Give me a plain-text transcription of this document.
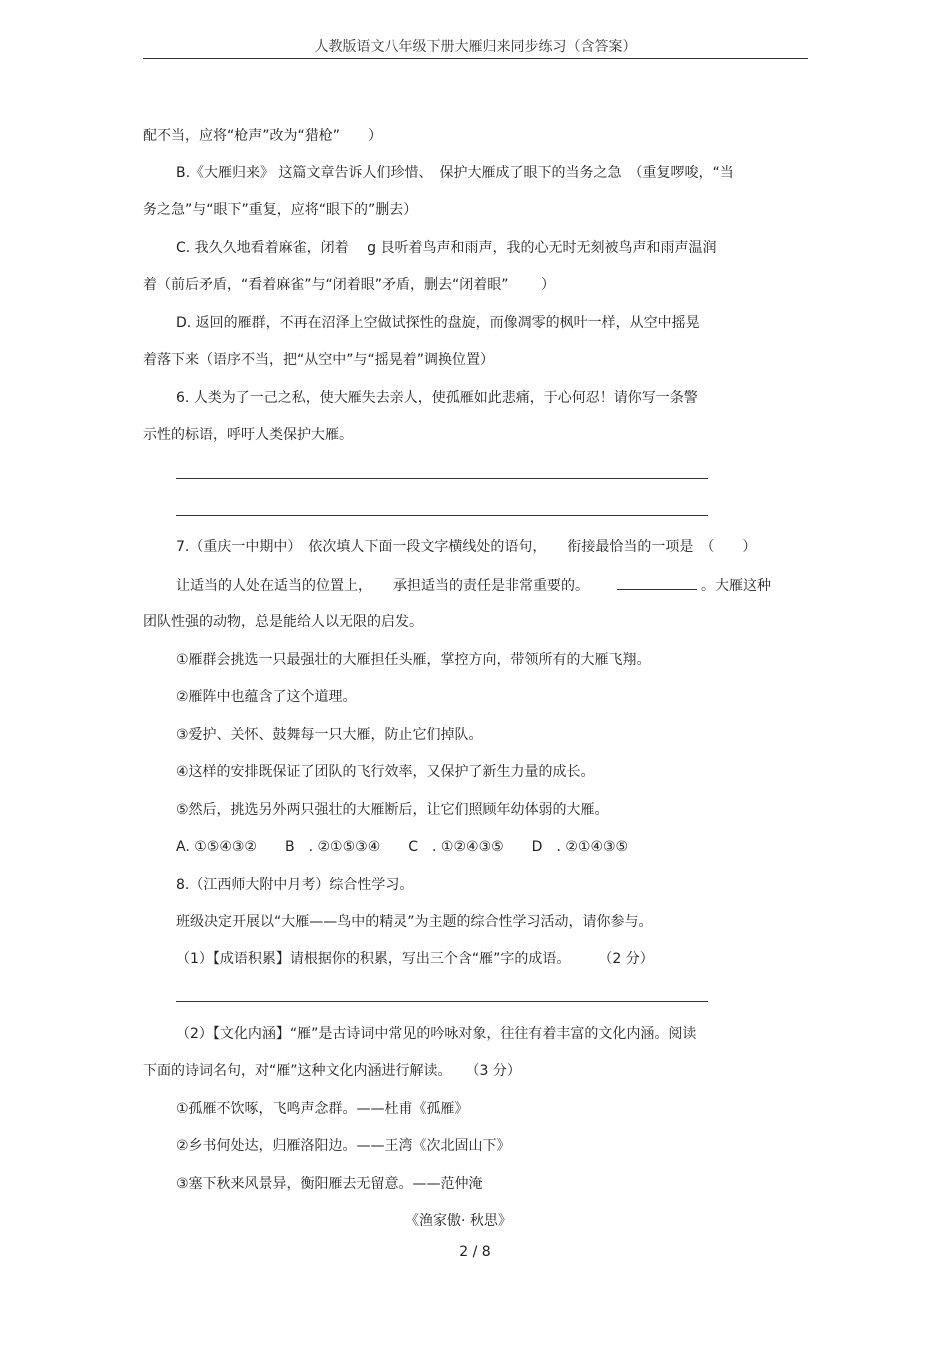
人教版语文八年级下册大雁归来同步练习（含答案）
配不当，应将“枪声”改为“猎枪”　　）
B.《大雁归来》 这篇文章告诉人们珍惜、　保护大雁成了眼下的当务之急　（重复啰唆，“当
务之急”与“眼下”重复，应将“眼下的”删去）
C. 我久久地看着麻雀，闭着　 g 艮听着鸟声和雨声，我的心无时无刻被鸟声和雨声温润
着（前后矛盾，“看着麻雀”与“闭着眼”矛盾，删去“闭着眼”　　 ）
D. 返回的雁群，不再在沼泽上空做试探性的盘旋，而像凋零的枫叶一样，从空中摇晃
着落下来（语序不当，把“从空中”与“摇晃着”调换位置）
6. 人类为了一己之私，使大雁失去亲人，使孤雁如此悲痛，于心何忍！请你写一条警
示性的标语，呼吁人类保护大雁。
7.（重庆一中期中）　依次填人下面一段文字横线处的语句，　　衔接最恰当的一项是　（　　）
让适当的人处在适当的位置上，　　承担适当的责任是非常重要的。	。大雁这种
团队性强的动物，总是能给人以无限的启发。
①雁群会挑选一只最强壮的大雁担任头雁，掌控方向，带领所有的大雁飞翔。
②雁阵中也蕴含了这个道理。
③爱护、关怀、鼓舞每一只大雁，防止它们掉队。
④这样的安排既保证了团队的飞行效率，又保护了新生力量的成长。
⑤然后，挑选另外两只强壮的大雁断后，让它们照顾年幼体弱的大雁。
A. ①⑤④③②　　B　. ②①⑤③④　　C　. ①②④③⑤　　D　. ②①④③⑤
8.（江西师大附中月考）综合性学习。
班级决定开展以“大雁——鸟中的精灵”为主题的综合性学习活动，请你参与。
（1）【成语积累】请根据你的积累，写出三个含“雁”字的成语。　　　（2 分）
（2）【文化内涵】“雁”是古诗词中常见的吟咏对象，往往有着丰富的文化内涵。阅读
下面的诗词名句，对“雁”这种文化内涵进行解读。　　（3 分）
①孤雁不饮啄，飞鸣声念群。——杜甫《孤雁》
②乡书何处达，归雁洛阳边。——王湾《次北固山下》
③塞下秋来风景异，衡阳雁去无留意。——范仲淹
《渔家傲· 秋思》
2 / 8
